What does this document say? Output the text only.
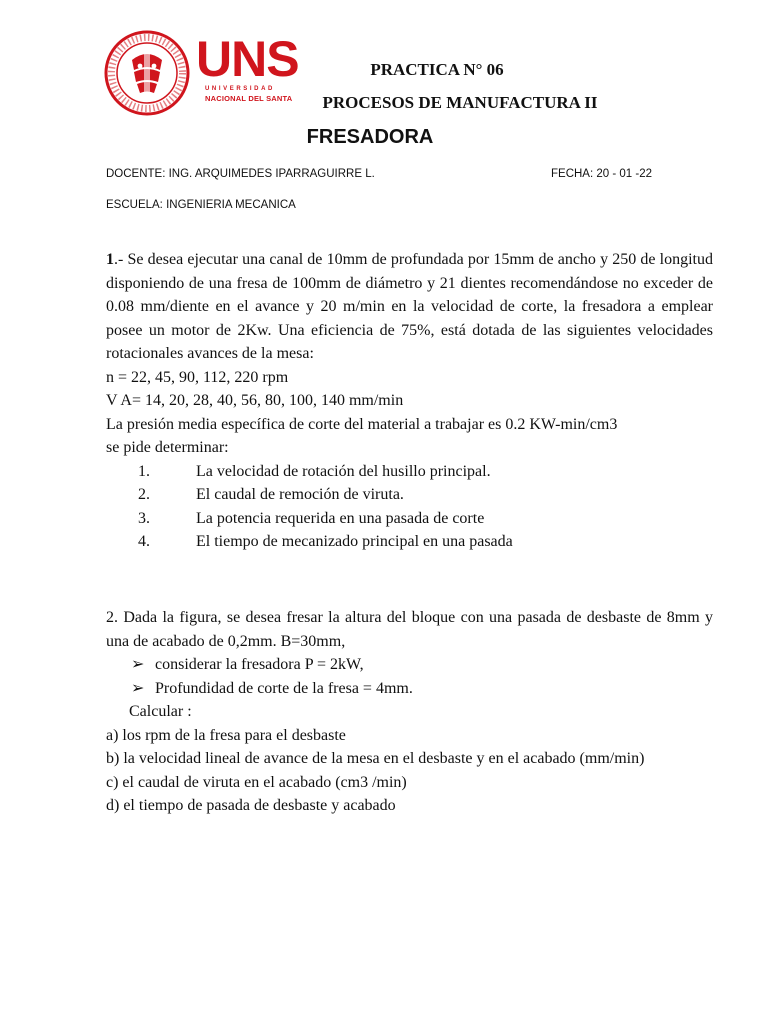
UNS
UNIVERSIDAD
NACIONAL DEL SANTA
PRACTICA N° 06
PROCESOS DE MANUFACTURA II
FRESADORA
DOCENTE: ING. ARQUIMEDES IPARRAGUIRRE L.	FECHA: 20 - 01 -22
ESCUELA: INGENIERIA MECANICA
1.- Se desea ejecutar una canal de 10mm de profundada por 15mm de ancho y 250 de longitud disponiendo de una fresa de 100mm de diámetro y 21 dientes recomendándose no exceder de 0.08 mm/diente en el avance y 20 m/min en la velocidad de corte, la fresadora a emplear posee un motor de 2Kw. Una eficiencia de 75%, está dotada de las siguientes velocidades rotacionales avances de la mesa:
n = 22, 45, 90, 112, 220 rpm
V A= 14, 20, 28, 40, 56, 80, 100, 140 mm/min
La presión media específica de corte del material a trabajar es 0.2 KW-min/cm3
se pide determinar:
1.	La velocidad de rotación del husillo principal.
2.	El caudal de remoción de viruta.
3.	La potencia requerida en una pasada de corte
4.	El tiempo de mecanizado principal en una pasada
2. Dada la figura, se desea fresar la altura del bloque con una pasada de desbaste de 8mm y una de acabado de 0,2mm. B=30mm,
➢ considerar la fresadora P = 2kW,
➢ Profundidad de corte de la fresa = 4mm.
Calcular :
a) los rpm de la fresa para el desbaste
b) la velocidad lineal de avance de la mesa en el desbaste y en el acabado (mm/min)
c) el caudal de viruta en el acabado (cm3 /min)
d) el tiempo de pasada de desbaste y acabado
